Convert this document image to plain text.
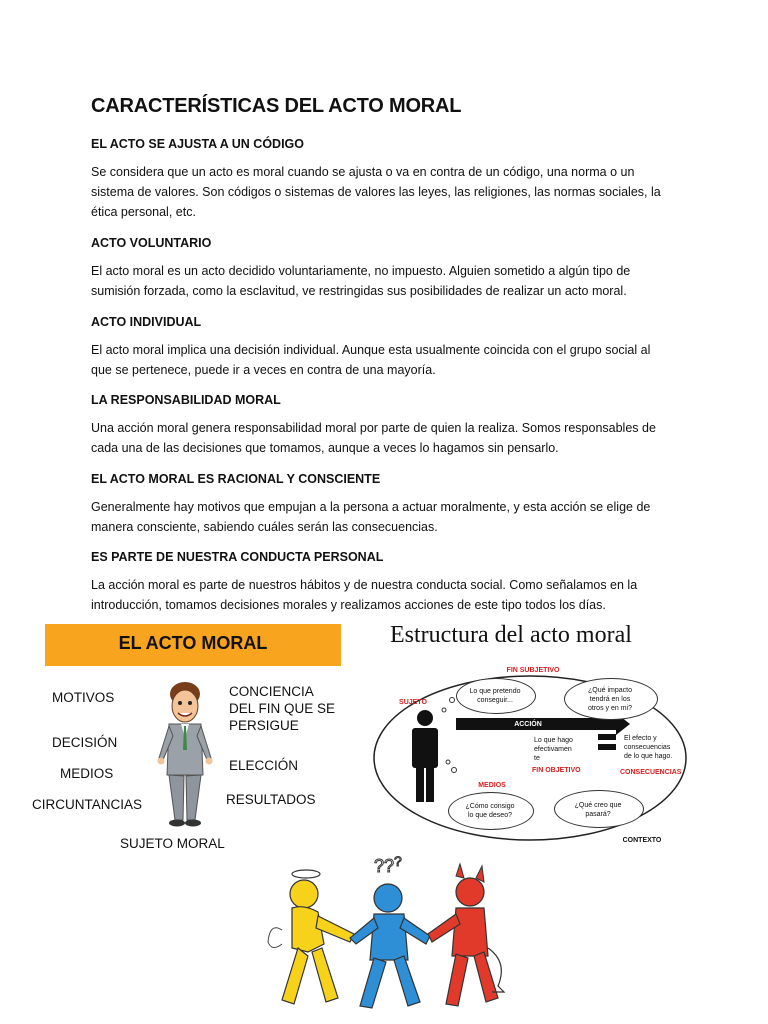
CARACTERÍSTICAS DEL ACTO MORAL
EL ACTO SE AJUSTA A UN CÓDIGO

Se considera que un acto es moral cuando se ajusta o va en contra de un código, una norma o un sistema de valores. Son códigos o sistemas de valores las leyes, las religiones, las normas sociales, la ética personal, etc.

ACTO VOLUNTARIO

El acto moral es un acto decidido voluntariamente, no impuesto. Alguien sometido a algún tipo de sumisión forzada, como la esclavitud, ve restringidas sus posibilidades de realizar un acto moral.

ACTO INDIVIDUAL

El acto moral implica una decisión individual. Aunque esta usualmente coincida con el grupo social al que se pertenece, puede ir a veces en contra de una mayoría.

LA RESPONSABILIDAD MORAL

Una acción moral genera responsabilidad moral por parte de quien la realiza. Somos responsables de cada una de las decisiones que tomamos, aunque a veces lo hagamos sin pensarlo.

EL ACTO MORAL ES RACIONAL Y CONSCIENTE

Generalmente hay motivos que empujan a la persona a actuar moralmente, y esta acción se elige de manera consciente, sabiendo cuáles serán las consecuencias.

ES PARTE DE NUESTRA CONDUCTA PERSONAL

La acción moral es parte de nuestros hábitos y de nuestra conducta social. Como señalamos en la introducción, tomamos decisiones morales y realizamos acciones de este tipo todos los días.

EL ACTO MORAL
MOTIVOS
DECISIÓN
MEDIOS
CIRCUNTANCIAS
CONCIENCIA
DEL FIN QUE SE
PERSIGUE
ELECCIÓN
RESULTADOS
SUJETO MORAL
Estructura del acto moral
FIN SUBJETIVO
SUJETO
Lo que pretendo
conseguir...
¿Qué impacto
tendrá en los
otros y en mi?
ACCIÓN
Lo que hago
efectivamen
te
FIN OBJETIVO
El efecto y
consecuencias
de lo que hago.
CONSECUENCIAS
MEDIOS
¿Cómo consigo
lo que deseo?
¿Qué creo que
pasará?
CONTEXTO
?? ?
